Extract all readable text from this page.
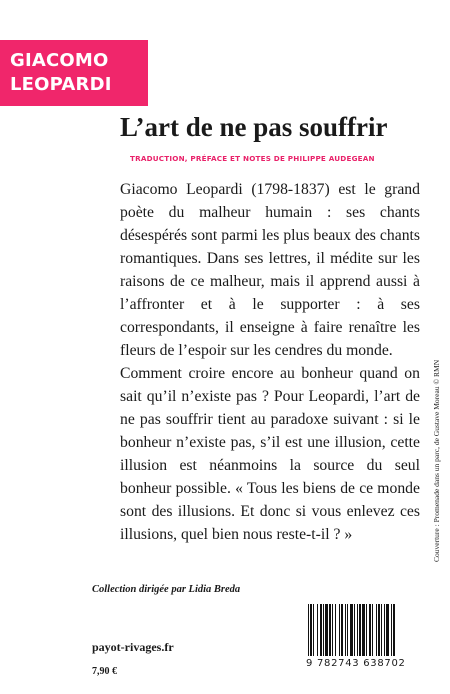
GIACOMO
LEOPARDI
L’art de ne pas souffrir
TRADUCTION, PRÉFACE ET NOTES DE PHILIPPE AUDEGEAN

Giacomo Leopardi (1798-1837) est le grand poète du malheur humain : ses chants désespérés sont parmi les plus beaux des chants romantiques. Dans ses lettres, il médite sur les raisons de ce malheur, mais il apprend aussi à l’affronter et à le supporter : à ses correspondants, il enseigne à faire renaître les fleurs de l’espoir sur les cendres du monde.

Comment croire encore au bonheur quand on sait qu’il n’existe pas ? Pour Leopardi, l’art de ne pas souffrir tient au paradoxe suivant : si le bonheur n’existe pas, s’il est une illusion, cette illusion est néanmoins la source du seul bonheur possible. « Tous les biens de ce monde sont des illusions. Et donc si vous enlevez ces illusions, quel bien nous reste-t-il ? »

Collection dirigée par Lidia Breda
payot-rivages.fr
7,90 €
9 782743 638702
Couverture : Promenade dans un parc, de Gustave Moreau © RMN
